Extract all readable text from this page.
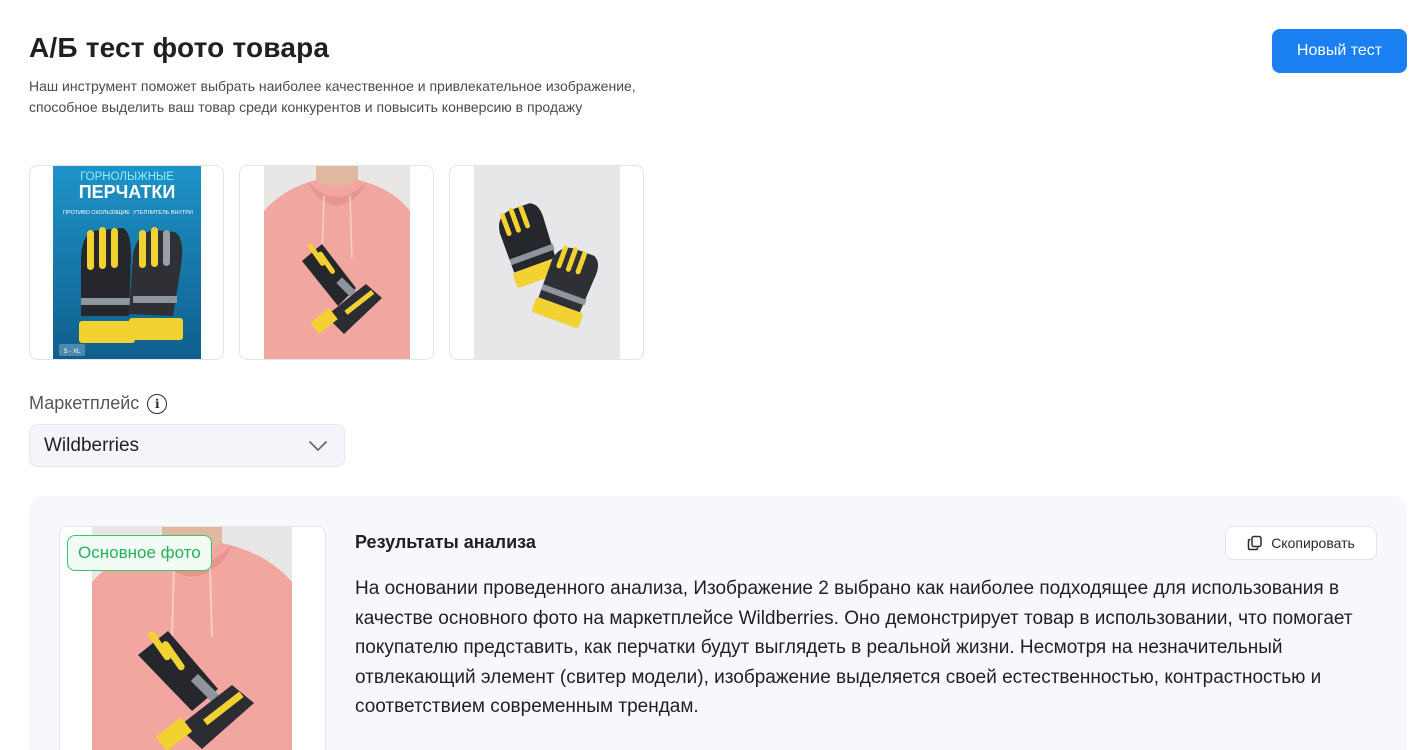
А/Б тест фото товара
Наш инструмент поможет выбрать наиболее качественное и привлекательное изображение,
способное выделить ваш товар среди конкурентов и повысить конверсию в продажу
Новый тест
ГОРНОЛЫЖНЫЕ
ПЕРЧАТКИ
ПРОТИВО СКОЛЬЗЯЩИЕ УТЕПЛИТЕЛЬ ВНУТРИ
S - XL
Маркетплейс	i
Wildberries
Основное фото
Результаты анализа	Скопировать

На основании проведенного анализа, Изображение 2 выбрано как наиболее подходящее для использования в качестве основного фото на маркетплейсе Wildberries. Оно демонстрирует товар в использовании, что помогает покупателю представить, как перчатки будут выглядеть в реальной жизни. Несмотря на незначительный отвлекающий элемент (свитер модели), изображение выделяется своей естественностью, контрастностью и соответствием современным трендам.
